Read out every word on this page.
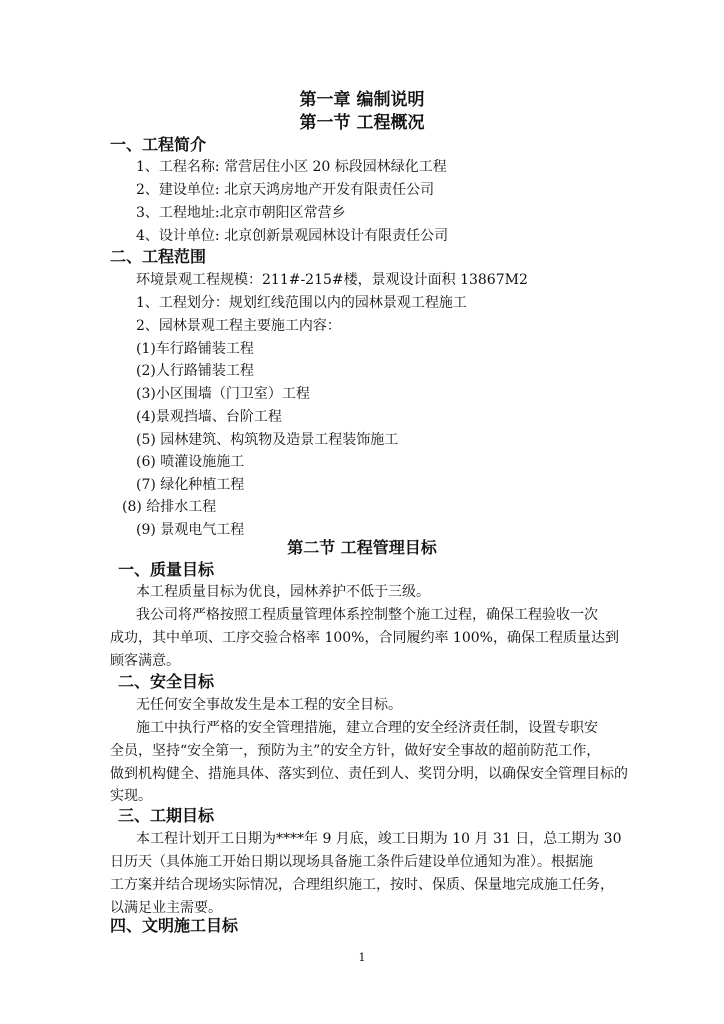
第一章 编制说明
第一节 工程概况
一、工程简介
1、工程名称: 常营居住小区 20 标段园林绿化工程
2、建设单位: 北京天鸿房地产开发有限责任公司
3、工程地址:北京市朝阳区常营乡
4、设计单位: 北京创新景观园林设计有限责任公司
二、工程范围
环境景观工程规模：211#-215#楼，景观设计面积 13867M2
1、工程划分：规划红线范围以内的园林景观工程施工
2、园林景观工程主要施工内容：
(1)车行路铺装工程
(2)人行路铺装工程
(3)小区围墙（门卫室）工程
(4)景观挡墙、台阶工程
(5) 园林建筑、构筑物及造景工程装饰施工
(6) 喷灌设施施工
(7) 绿化种植工程
(8) 给排水工程
(9) 景观电气工程
第二节 工程管理目标
一、质量目标
本工程质量目标为优良，园林养护不低于三级。
我公司将严格按照工程质量管理体系控制整个施工过程，确保工程验收一次
成功，其中单项、工序交验合格率 100%，合同履约率 100%，确保工程质量达到
顾客满意。
二、安全目标
无任何安全事故发生是本工程的安全目标。
施工中执行严格的安全管理措施，建立合理的安全经济责任制，设置专职安
全员，坚持“安全第一，预防为主”的安全方针，做好安全事故的超前防范工作，
做到机构健全、措施具体、落实到位、责任到人、奖罚分明，以确保安全管理目标的
实现。
三、工期目标
本工程计划开工日期为****年 9 月底，竣工日期为 10 月 31 日，总工期为 30
日历天（具体施工开始日期以现场具备施工条件后建设单位通知为准）。根据施
工方案并结合现场实际情况，合理组织施工，按时、保质、保量地完成施工任务，
以满足业主需要。
四、文明施工目标
1
